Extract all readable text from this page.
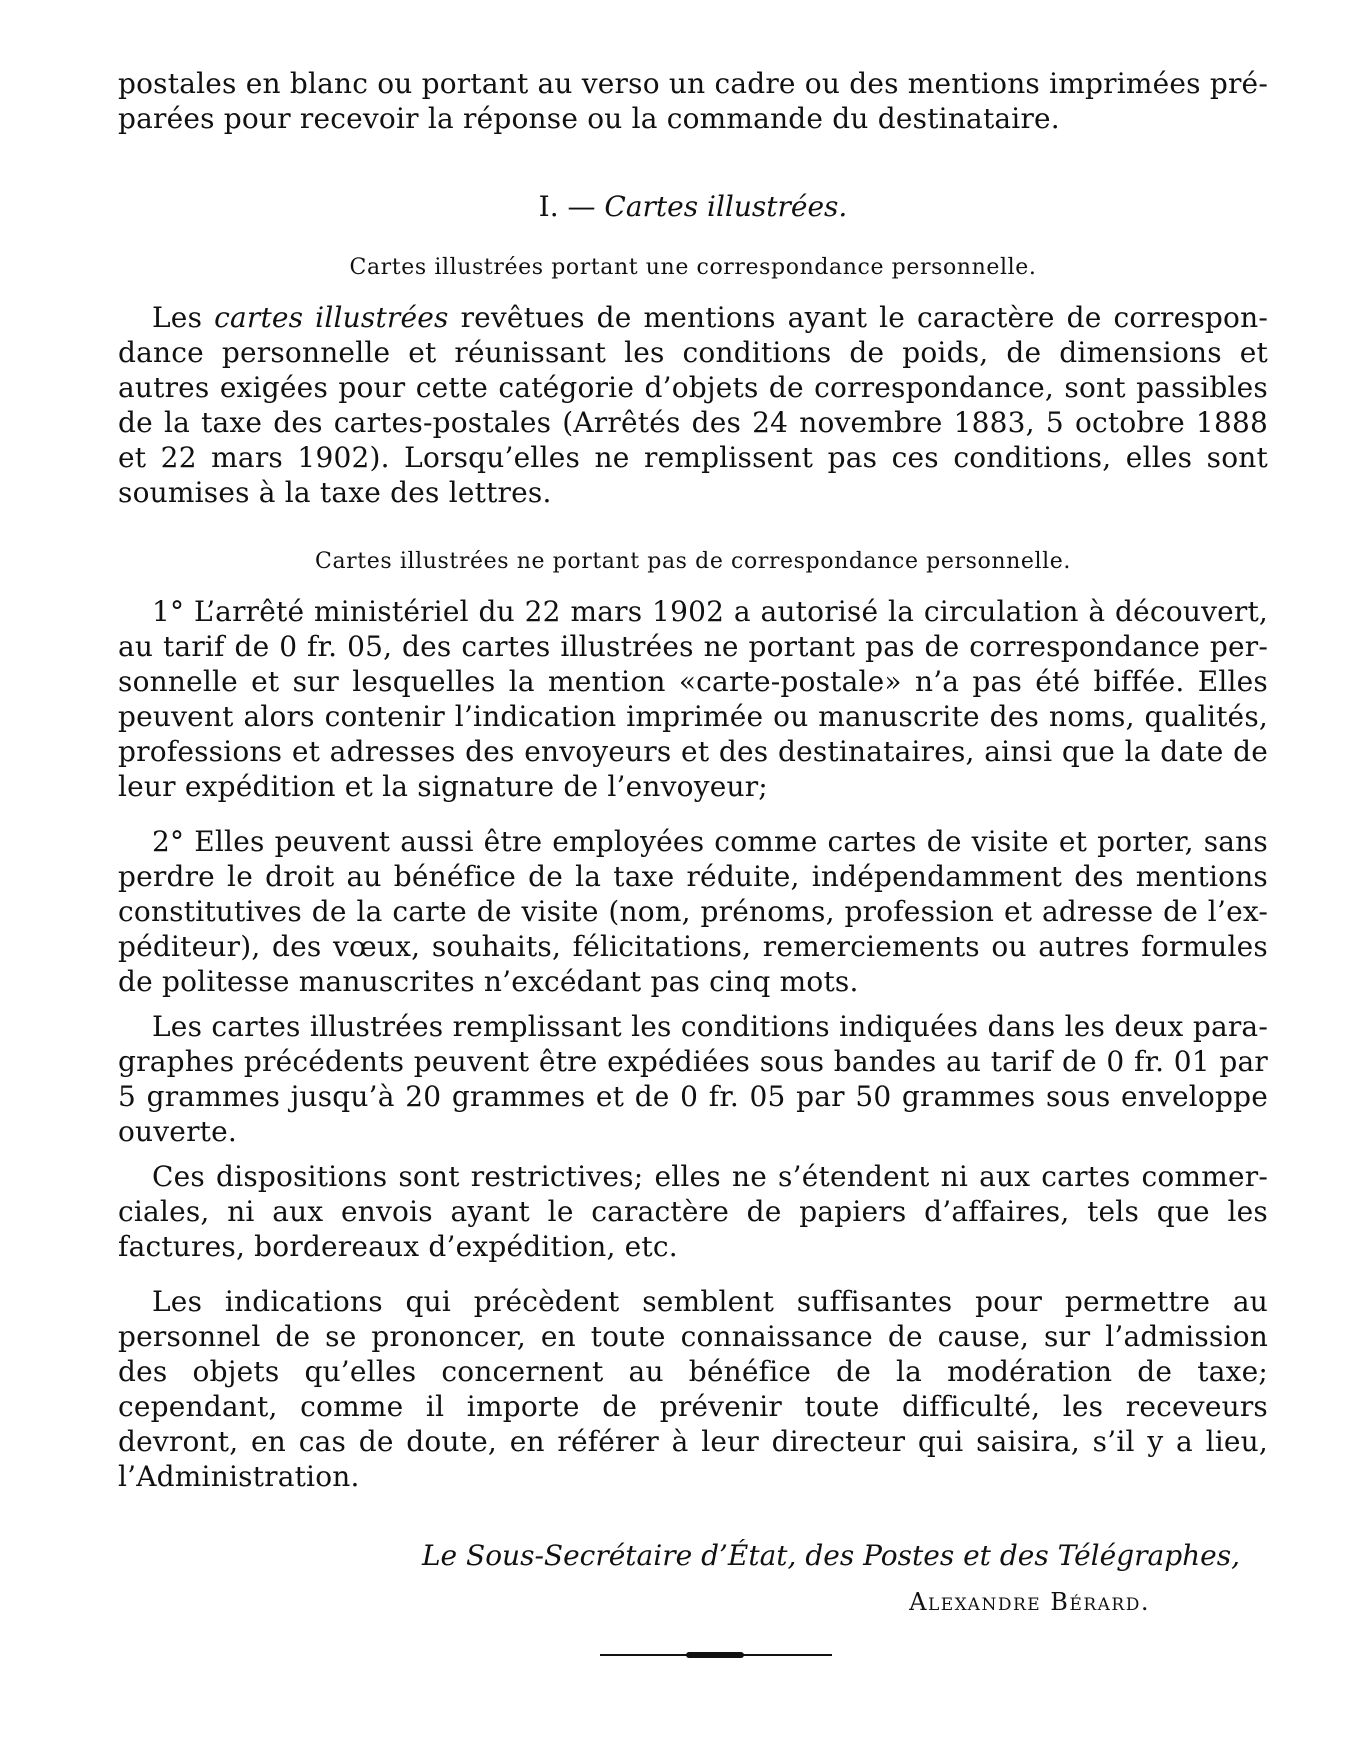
postales en blanc ou portant au verso un cadre ou des mentions imprimées pré- parées pour recevoir la réponse ou la commande du destinataire.

I. — Cartes illustrées.

Cartes illustrées portant une correspondance personnelle.

Les cartes illustrées revêtues de mentions ayant le caractère de correspon- dance personnelle et réunissant les conditions de poids, de dimensions et autres exigées pour cette catégorie d’objets de correspondance, sont passibles de la taxe des cartes-postales (Arrêtés des 24 novembre 1883, 5 octobre 1888 et 22 mars 1902). Lorsqu’elles ne remplissent pas ces conditions, elles sont soumises à la taxe des lettres.

Cartes illustrées ne portant pas de correspondance personnelle.

1° L’arrêté ministériel du 22 mars 1902 a autorisé la circulation à découvert, au tarif de 0 fr. 05, des cartes illustrées ne portant pas de correspondance per- sonnelle et sur lesquelles la mention «carte-postale» n’a pas été biffée. Elles peuvent alors contenir l’indication imprimée ou manuscrite des noms, qualités, professions et adresses des envoyeurs et des destinataires, ainsi que la date de leur expédition et la signature de l’envoyeur;

2° Elles peuvent aussi être employées comme cartes de visite et porter, sans perdre le droit au bénéfice de la taxe réduite, indépendamment des mentions constitutives de la carte de visite (nom, prénoms, profession et adresse de l’ex- péditeur), des vœux, souhaits, félicitations, remerciements ou autres formules de politesse manuscrites n’excédant pas cinq mots.

Les cartes illustrées remplissant les conditions indiquées dans les deux para- graphes précédents peuvent être expédiées sous bandes au tarif de 0 fr. 01 par 5 grammes jusqu’à 20 grammes et de 0 fr. 05 par 50 grammes sous enveloppe ouverte.

Ces dispositions sont restrictives; elles ne s’étendent ni aux cartes commer- ciales, ni aux envois ayant le caractère de papiers d’affaires, tels que les factures, bordereaux d’expédition, etc.

Les indications qui précèdent semblent suffisantes pour permettre au personnel de se prononcer, en toute connaissance de cause, sur l’admission des objets qu’elles concernent au bénéfice de la modération de taxe; cependant, comme il importe de prévenir toute difficulté, les receveurs devront, en cas de doute, en référer à leur directeur qui saisira, s’il y a lieu, l’Administration.

Le Sous-Secrétaire d’État, des Postes et des Télégraphes,

Alexandre Bérard.
